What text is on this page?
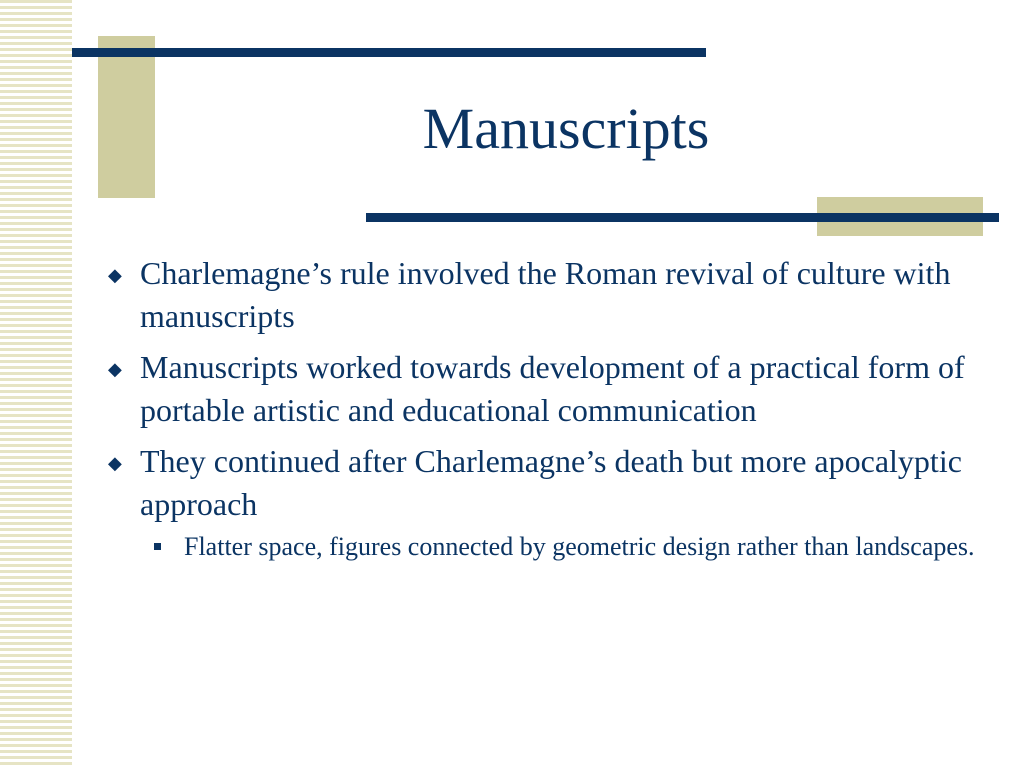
Manuscripts
◆ Charlemagne’s rule involved the Roman revival of culture with manuscripts
◆ Manuscripts worked towards development of a practical form of portable artistic and educational communication
◆ They continued after Charlemagne’s death but more apocalyptic approach
Flatter space, figures connected by geometric design rather than landscapes.
